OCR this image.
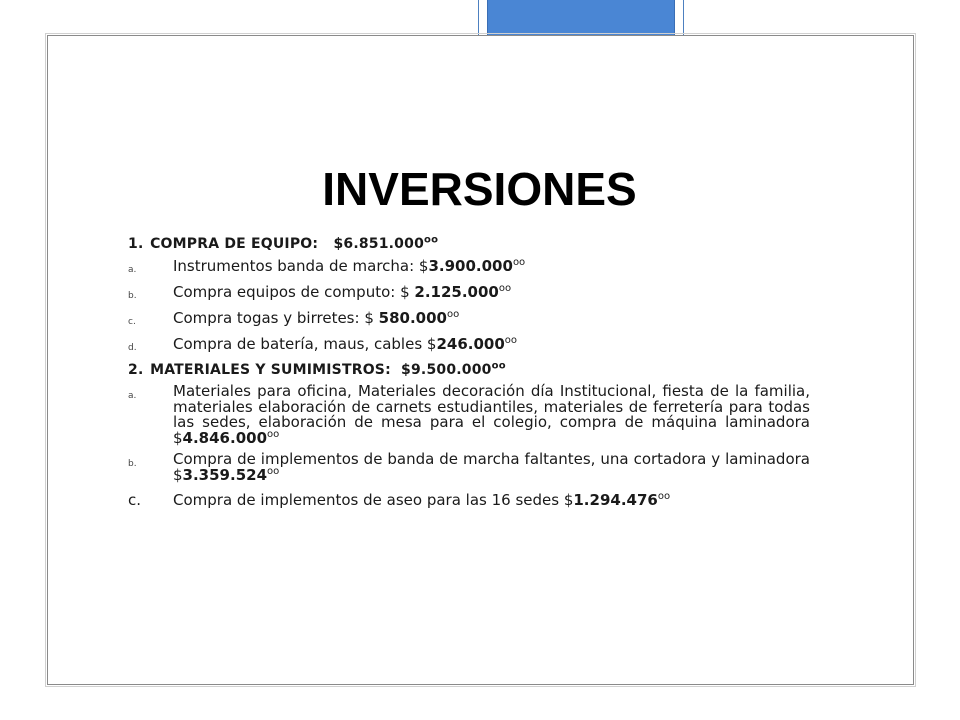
INVERSIONES
1. COMPRA DE EQUIPO: $\$6.851.000^{oo}$
a.	Instrumentos banda de marcha: $\$3.900.000^{oo}$
b.	Compra equipos de computo: $ $2.125.000^{oo}$
c.	Compra togas y birretes: $ $580.000^{oo}$
d.	Compra de batería, maus, cables $\$246.000^{oo}$
2. MATERIALES Y SUMIMISTROS: $\$9.500.000^{oo}$
a.	Materiales para oficina, Materiales decoración día Institucional, fiesta de la familia, materiales elaboración de carnets estudiantiles, materiales de ferretería para todas las sedes, elaboración de mesa para el colegio, compra de máquina laminadora $\$4.846.000^{oo}$
b.	Compra de implementos de banda de marcha faltantes, una cortadora y laminadora $\$3.359.524^{oo}$
c. Compra de implementos de aseo para las 16 sedes $\$1.294.476^{oo}$
